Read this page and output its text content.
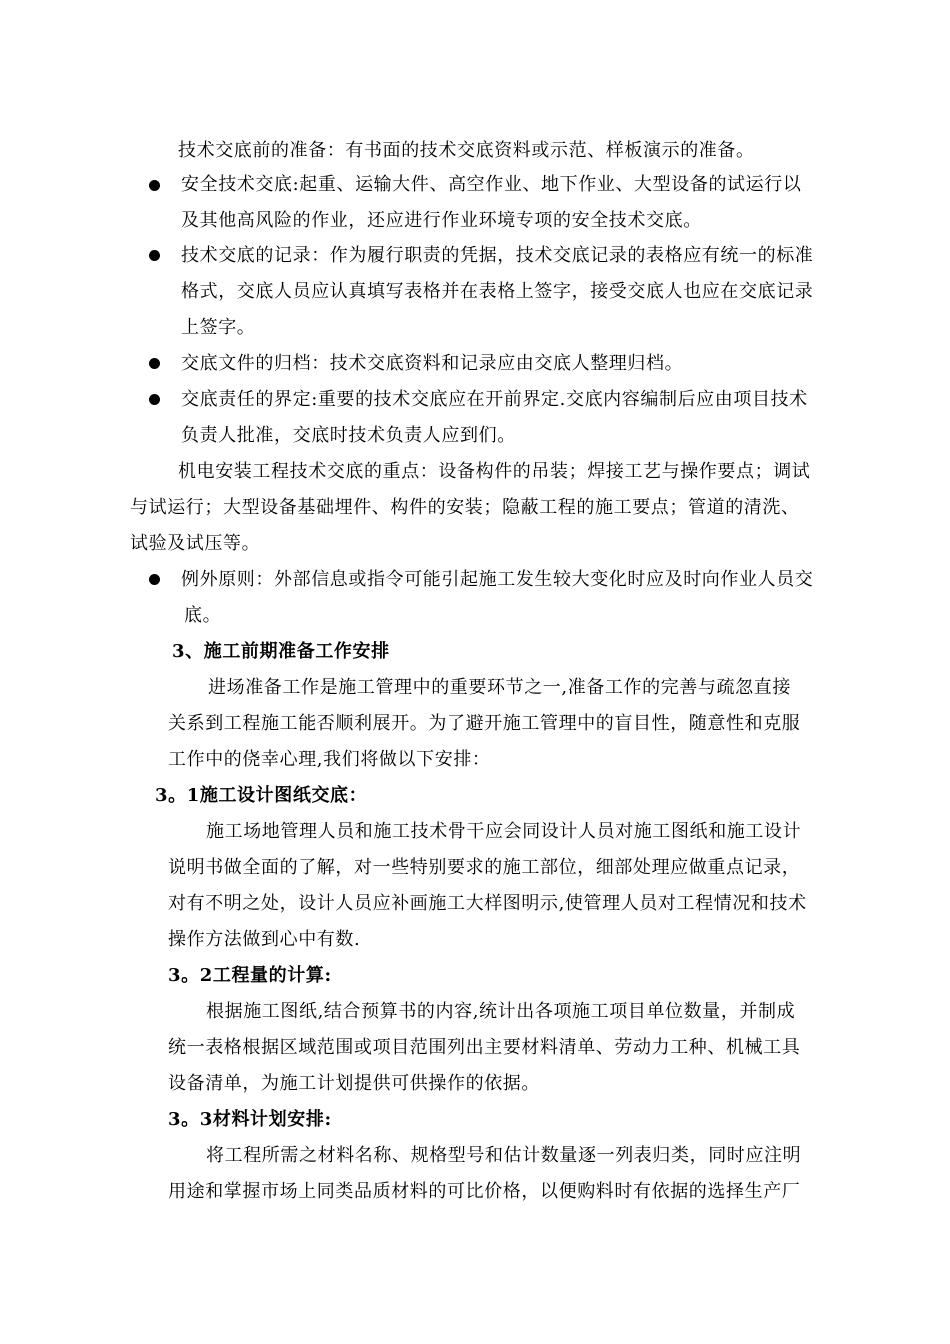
技术交底前的准备：有书面的技术交底资料或示范、样板演示的准备。
安全技术交底:起重、运输大件、高空作业、地下作业、大型设备的试运行以
及其他高风险的作业，还应进行作业环境专项的安全技术交底。
技术交底的记录：作为履行职责的凭据，技术交底记录的表格应有统一的标准
格式，交底人员应认真填写表格并在表格上签字，接受交底人也应在交底记录
上签字。
交底文件的归档：技术交底资料和记录应由交底人整理归档。
交底责任的界定:重要的技术交底应在开前界定.交底内容编制后应由项目技术
负责人批准，交底时技术负责人应到们。
机电安装工程技术交底的重点：设备构件的吊装；焊接工艺与操作要点；调试
与试运行；大型设备基础埋件、构件的安装；隐蔽工程的施工要点；管道的清洗、
试验及试压等。
例外原则：外部信息或指令可能引起施工发生较大变化时应及时向作业人员交
底。
3、施工前期准备工作安排
进场准备工作是施工管理中的重要环节之一,准备工作的完善与疏忽直接
关系到工程施工能否顺利展开。为了避开施工管理中的盲目性，随意性和克服
工作中的侥幸心理,我们将做以下安排：
3。1施工设计图纸交底：
施工场地管理人员和施工技术骨干应会同设计人员对施工图纸和施工设计
说明书做全面的了解，对一些特别要求的施工部位，细部处理应做重点记录，
对有不明之处，设计人员应补画施工大样图明示,使管理人员对工程情况和技术
操作方法做到心中有数.
3。2工程量的计算:
根据施工图纸,结合预算书的内容,统计出各项施工项目单位数量，并制成
统一表格根据区域范围或项目范围列出主要材料清单、劳动力工种、机械工具
设备清单，为施工计划提供可供操作的依据。
3。3材料计划安排:
将工程所需之材料名称、规格型号和估计数量逐一列表归类，同时应注明
用途和掌握市场上同类品质材料的可比价格，以便购料时有依据的选择生产厂
